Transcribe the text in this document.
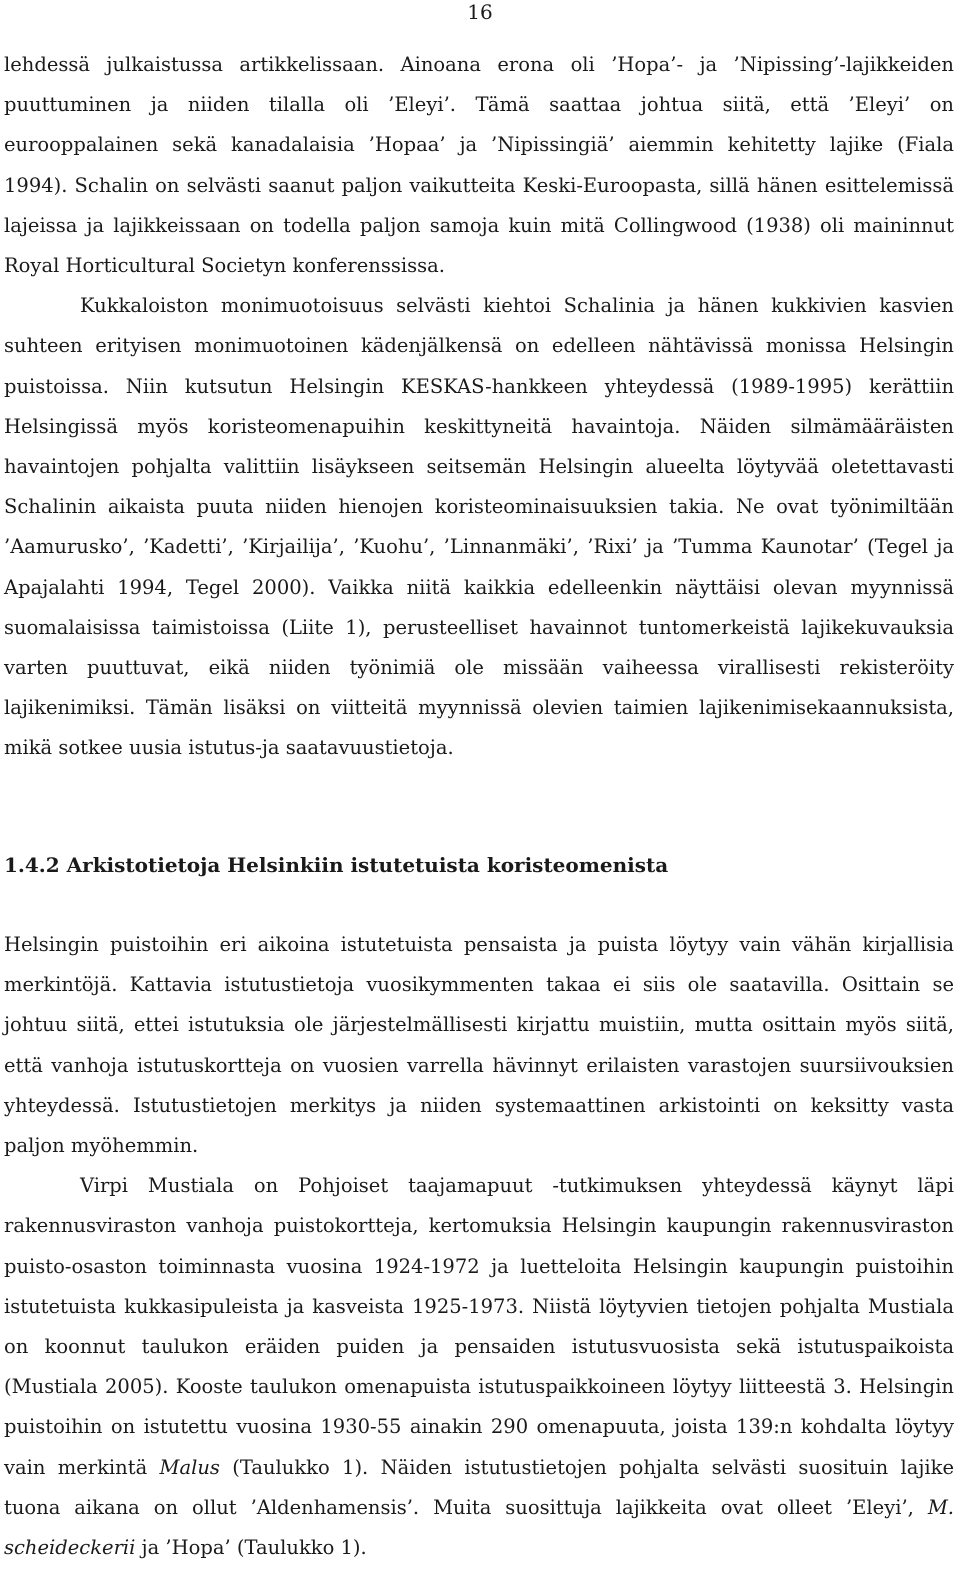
16

lehdessä julkaistussa artikkelissaan. Ainoana erona oli ’Hopa’- ja ’Nipissing’-lajikkeiden puuttuminen ja niiden tilalla oli ’Eleyi’. Tämä saattaa johtua siitä, että ’Eleyi’ on eurooppalainen sekä kanadalaisia ’Hopaa’ ja ’Nipissingiä’ aiemmin kehitetty lajike (Fiala 1994). Schalin on selvästi saanut paljon vaikutteita Keski-Euroopasta, sillä hänen esittelemissä lajeissa ja lajikkeissaan on todella paljon samoja kuin mitä Collingwood (1938) oli maininnut Royal Horticultural Societyn konferenssissa.

Kukkaloiston monimuotoisuus selvästi kiehtoi Schalinia ja hänen kukkivien kasvien suhteen erityisen monimuotoinen kädenjälkensä on edelleen nähtävissä monissa Helsingin puistoissa. Niin kutsutun Helsingin KESKAS-hankkeen yhteydessä (1989-1995) kerättiin Helsingissä myös koristeomenapuihin keskittyneitä havaintoja. Näiden silmämääräisten havaintojen pohjalta valittiin lisäykseen seitsemän Helsingin alueelta löytyvää oletettavasti Schalinin aikaista puuta niiden hienojen koristeominaisuuksien takia. Ne ovat työnimiltään ’Aamurusko’, ’Kadetti’, ’Kirjailija’, ’Kuohu’, ’Linnanmäki’, ’Rixi’ ja ’Tumma Kaunotar’ (Tegel ja Apajalahti 1994, Tegel 2000). Vaikka niitä kaikkia edelleenkin näyttäisi olevan myynnissä suomalaisissa taimistoissa (Liite 1), perusteelliset havainnot tuntomerkeistä lajikekuvauksia varten puuttuvat, eikä niiden työnimiä ole missään vaiheessa virallisesti rekisteröity lajikenimiksi. Tämän lisäksi on viitteitä myynnissä olevien taimien lajikenimisekaannuksista, mikä sotkee uusia istutus-ja saatavuustietoja.

1.4.2 Arkistotietoja Helsinkiin istutetuista koristeomenista

Helsingin puistoihin eri aikoina istutetuista pensaista ja puista löytyy vain vähän kirjallisia merkintöjä. Kattavia istutustietoja vuosikymmenten takaa ei siis ole saatavilla. Osittain se johtuu siitä, ettei istutuksia ole järjestelmällisesti kirjattu muistiin, mutta osittain myös siitä, että vanhoja istutuskortteja on vuosien varrella hävinnyt erilaisten varastojen suursiivouksien yhteydessä. Istutustietojen merkitys ja niiden systemaattinen arkistointi on keksitty vasta paljon myöhemmin.

Virpi Mustiala on Pohjoiset taajamapuut -tutkimuksen yhteydessä käynyt läpi rakennusviraston vanhoja puistokortteja, kertomuksia Helsingin kaupungin rakennusviraston puisto-osaston toiminnasta vuosina 1924-1972 ja luetteloita Helsingin kaupungin puistoihin istutetuista kukkasipuleista ja kasveista 1925-1973. Niistä löytyvien tietojen pohjalta Mustiala on koonnut taulukon eräiden puiden ja pensaiden istutusvuosista sekä istutuspaikoista (Mustiala 2005). Kooste taulukon omenapuista istutuspaikkoineen löytyy liitteestä 3. Helsingin puistoihin on istutettu vuosina 1930-55 ainakin 290 omenapuuta, joista 139:n kohdalta löytyy vain merkintä Malus (Taulukko 1). Näiden istutustietojen pohjalta selvästi suosituin lajike tuona aikana on ollut ’Aldenhamensis’. Muita suosittuja lajikkeita ovat olleet ’Eleyi’, M. scheideckerii ja ’Hopa’ (Taulukko 1).
